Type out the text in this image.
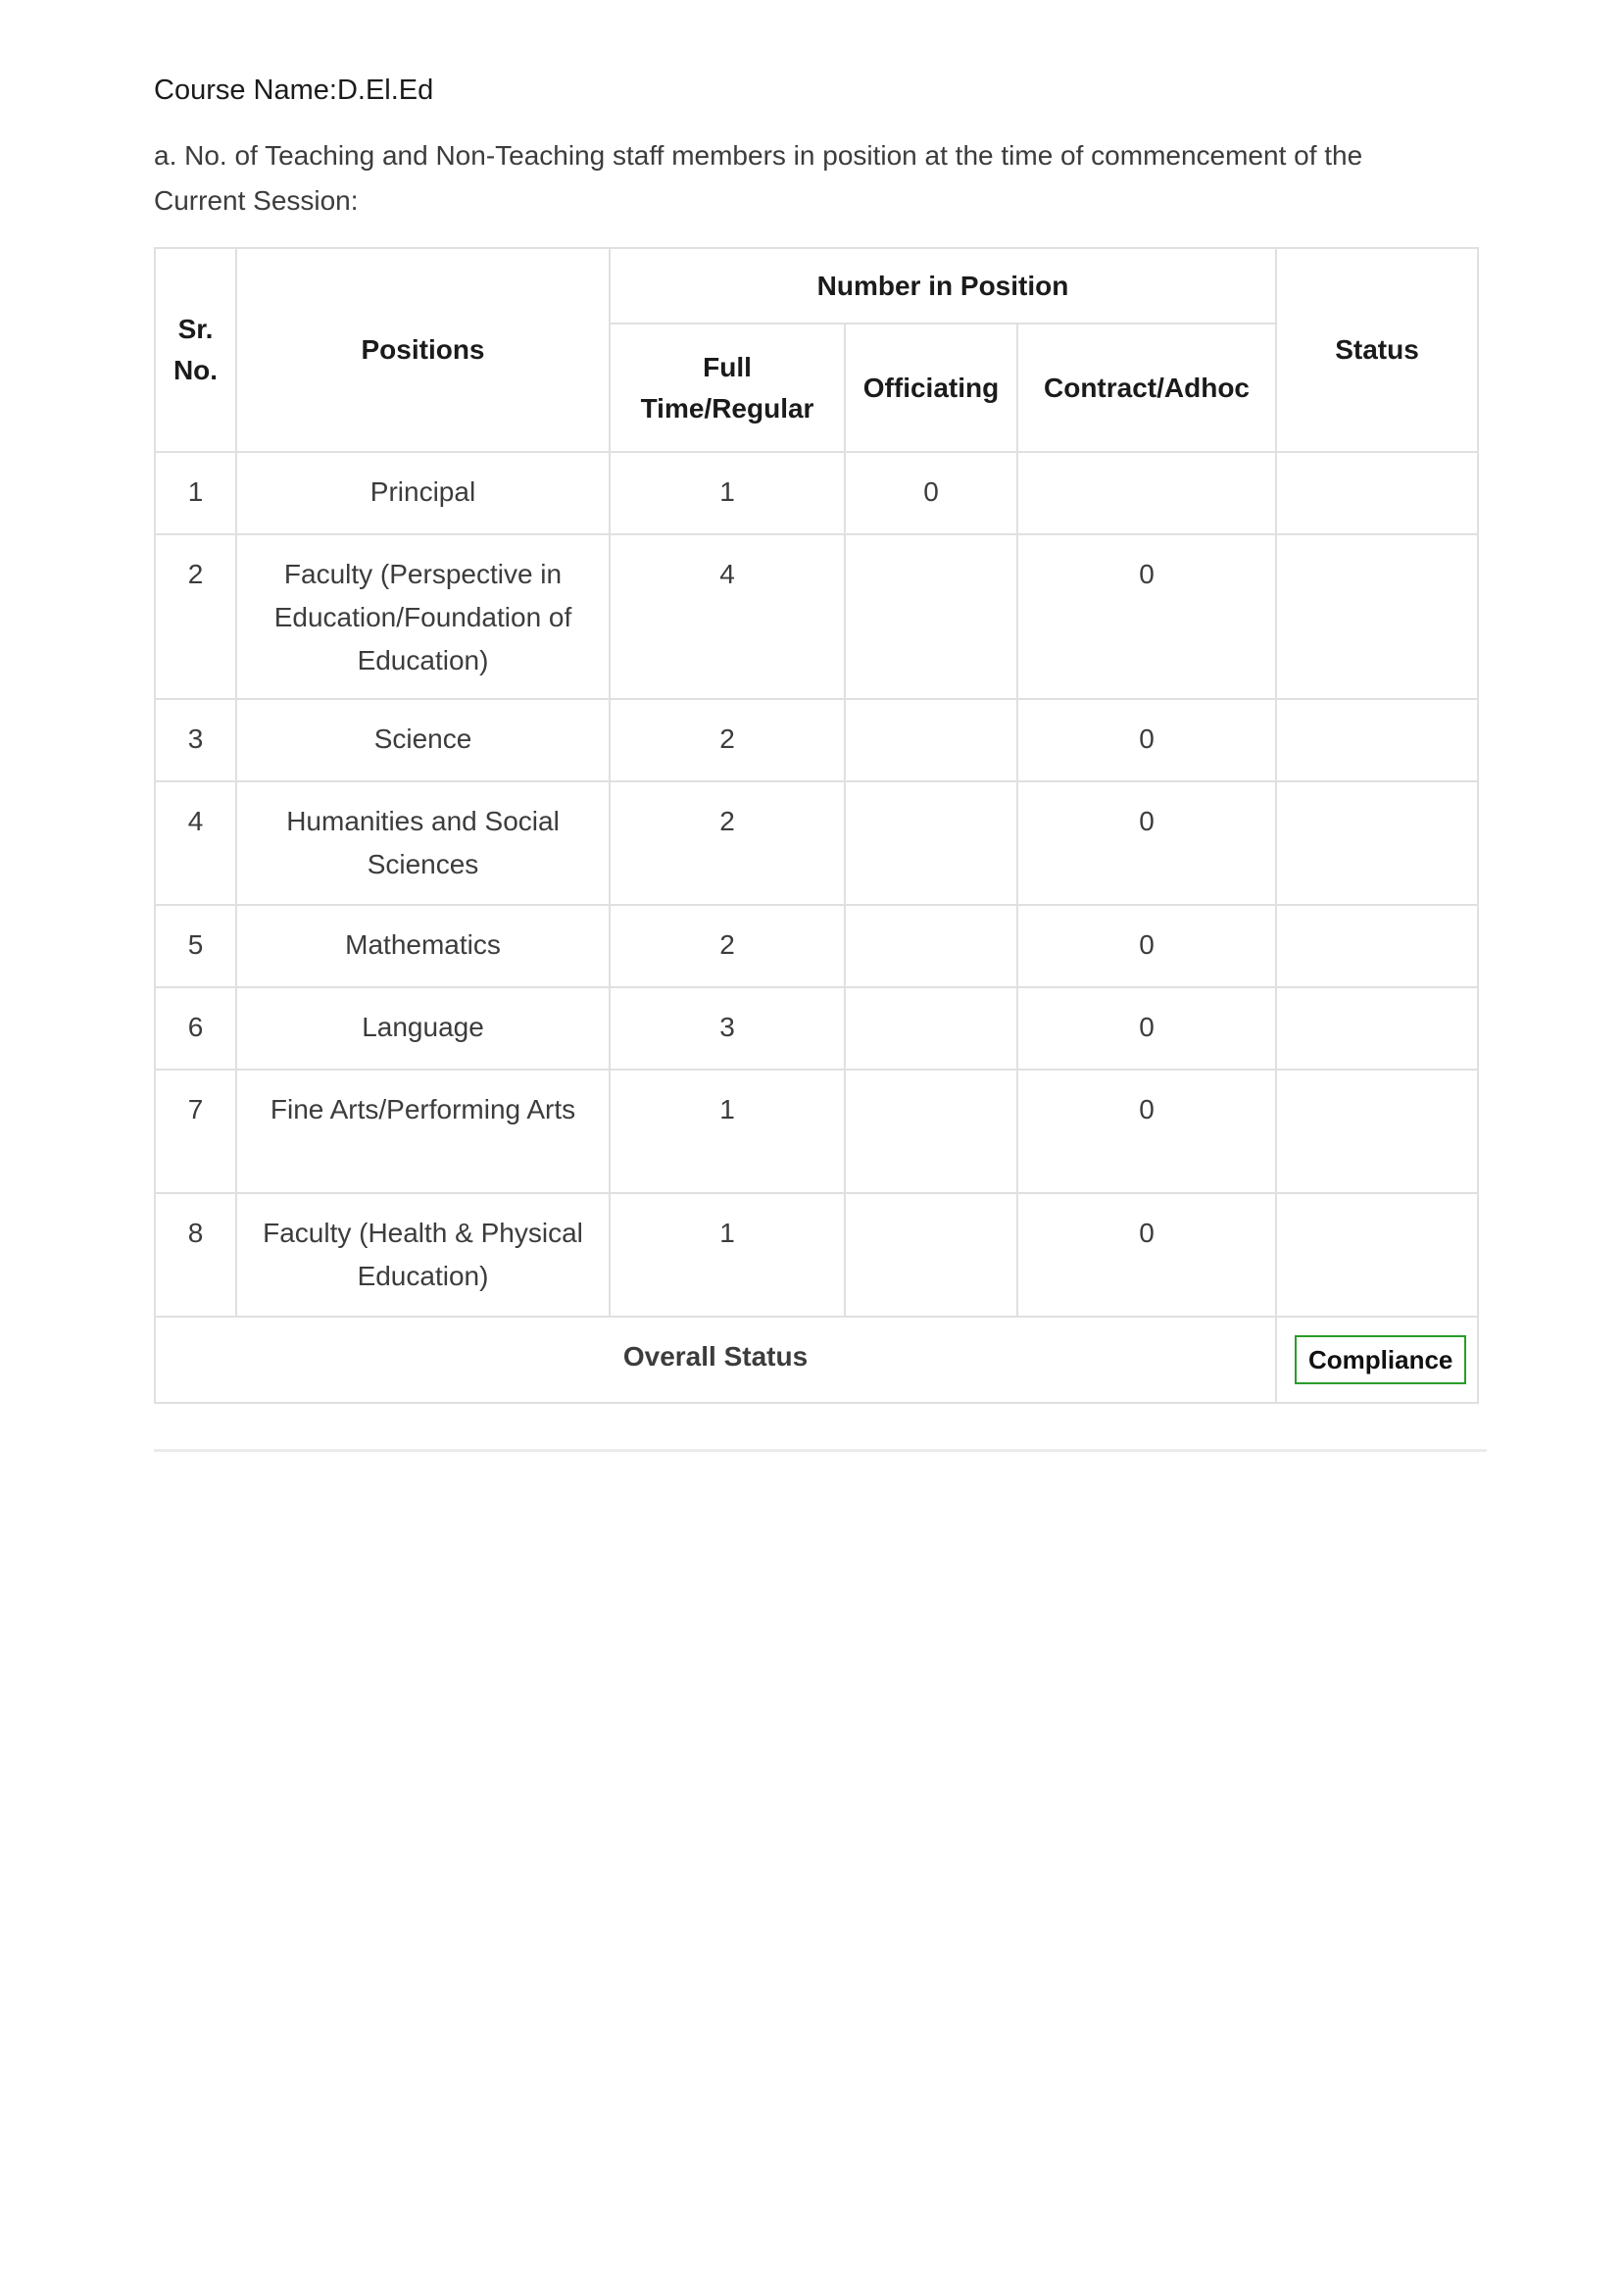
Course Name:D.El.Ed

a. No. of Teaching and Non-Teaching staff members in position at the time of commencement of the Current Session:

Sr. No.	Positions	Number in Position			Status
		Full Time/Regular	Officiating	Contract/Adhoc	
1	Principal	1	0		
2	Faculty (Perspective in Education/Foundation of Education)	4		0	
3	Science	2		0	
4	Humanities and Social Sciences	2		0	
5	Mathematics	2		0	
6	Language	3		0	
7	Fine Arts/Performing Arts	1		0	
8	Faculty (Health & Physical Education)	1		0	
Overall Status					Compliance
